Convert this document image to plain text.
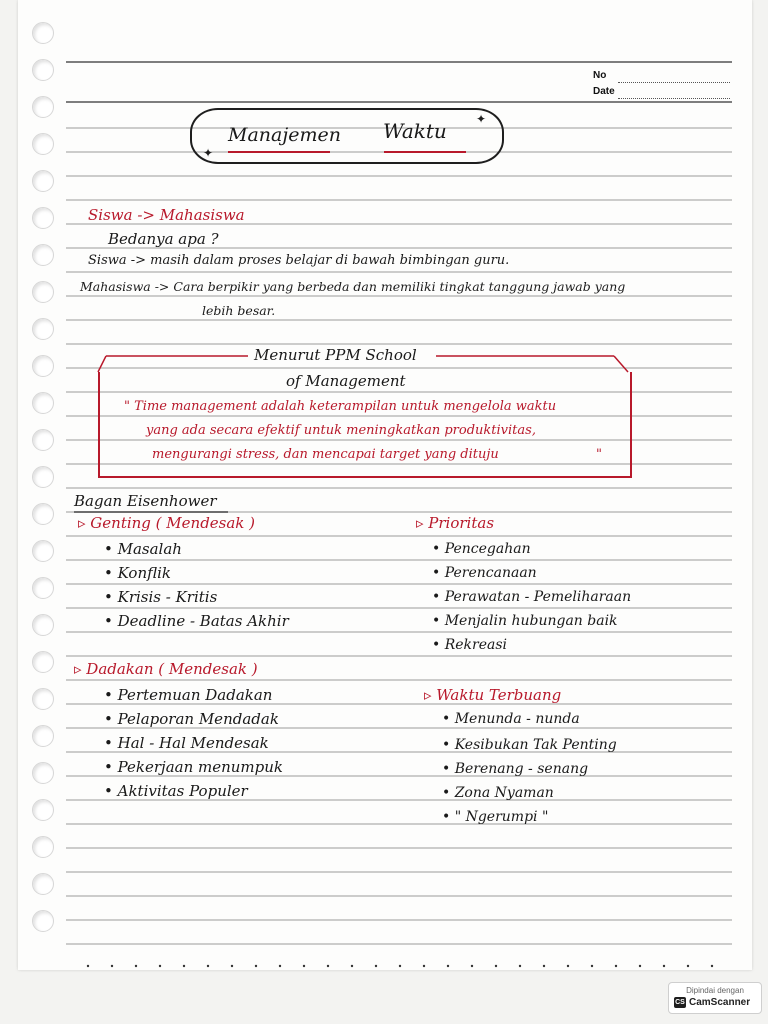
No
Date
✦
✦
Manajemen Waktu
Siswa -> Mahasiswa
Bedanya apa ?
Siswa -> masih dalam proses belajar di bawah bimbingan guru.
Mahasiswa -> Cara berpikir yang berbeda dan memiliki tingkat tanggung jawab yang
lebih besar.
Menurut PPM School
of Management
" Time management adalah keterampilan untuk mengelola waktu
yang ada secara efektif untuk meningkatkan produktivitas,
mengurangi stress, dan mencapai target yang dituju	"
Bagan Eisenhower
▹ Genting ( Mendesak )
• Masalah
• Konflik
• Krisis - Kritis
• Deadline - Batas Akhir
▹ Prioritas
• Pencegahan
• Perencanaan
• Perawatan - Pemeliharaan
• Menjalin hubungan baik
• Rekreasi
▹ Dadakan ( Mendesak )
• Pertemuan Dadakan
• Pelaporan Mendadak
• Hal - Hal Mendesak
• Pekerjaan menumpuk
• Aktivitas Populer
▹ Waktu Terbuang
• Menunda - nunda
• Kesibukan Tak Penting
• Berenang - senang
• Zona Nyaman
• " Ngerumpi "
Dipindai dengan
CS CamScanner
